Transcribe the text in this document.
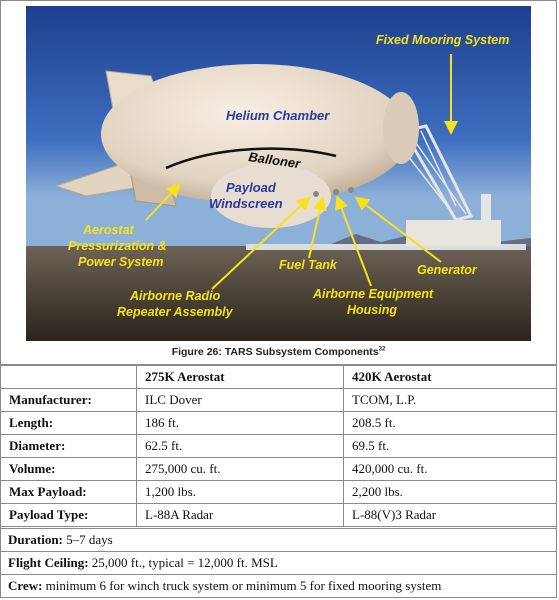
Fixed Mooring System
Helium Chamber
Balloner
Payload
Windscreen
Aerostat
Pressurization &
Power System	Fuel Tank	Generator
Airborne Radio
Repeater Assembly
Airborne Equipment
Housing
Figure 26: TARS Subsystem Components$^{32}$
	275K Aerostat	420K Aerostat
Manufacturer:	ILC Dover	TCOM, L.P.
Length:	186 ft.	208.5 ft.
Diameter:	62.5 ft.	69.5 ft.
Volume:	275,000 cu. ft.	420,000 cu. ft.
Max Payload:	1,200 lbs.	2,200 lbs.
Payload Type:	L-88A Radar	L-88(V)3 Radar
Duration: 5–7 days
Flight Ceiling: 25,000 ft., typical = 12,000 ft. MSL
Crew: minimum 6 for winch truck system or minimum 5 for fixed mooring system
